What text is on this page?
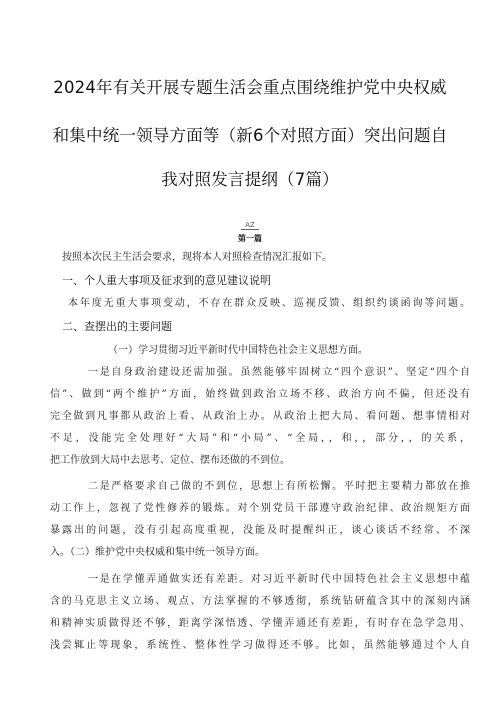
2024年有关开展专题生活会重点围绕维护党中央权威
和集中统一领导方面等（新6个对照方面）突出问题自
我对照发言提纲（7篇）
AZ
第一篇
按照本次民主生活会要求，现将本人对照检查情况汇报如下。
一、个人重大事项及征求到的意见建议说明
本年度无重大事项变动，不存在群众反映、巡视反馈、组织约谈函询等问题。
二、查摆出的主要问题
（一）学习贯彻习近平新时代中国特色社会主义思想方面。
一是自身政治建设还需加强。虽然能够牢固树立“四个意识”、坚定“四个自
信”、做到“两个维护”方面，始终做到政治立场不移、政治方向不偏，但还没有
完全做到凡事都从政治上看、从政治上办。从政治上把大局、看问题、想事情相对
不足，没能完全处理好“大局”和“小局”、“全局，，和，，部分，，的关系，
把工作放到大局中去思考、定位、摆布还做的不到位。
二是严格要求自己做的不到位，思想上有所松懈。平时把主要精力都放在推
动工作上，忽视了党性修养的锻炼。对个别党员干部遵守政治纪律、政治规矩方面
暴露出的问题，没有引起高度重视，没能及时提醒纠正，谈心谈话不经常、不深
入。（二）维护党中央权威和集中统一领导方面。
一是在学懂弄通做实还有差距。对习近平新时代中国特色社会主义思想中蕴
含的马克思主义立场、观点、方法掌握的不够透彻，系统钻研蕴含其中的深刻内涵
和精神实质做得还不够，距离学深悟透、学懂弄通还有差距，有时存在急学急用、
浅尝辄止等现象，系统性、整体性学习做得还不够。比如，虽然能够通过个人自
